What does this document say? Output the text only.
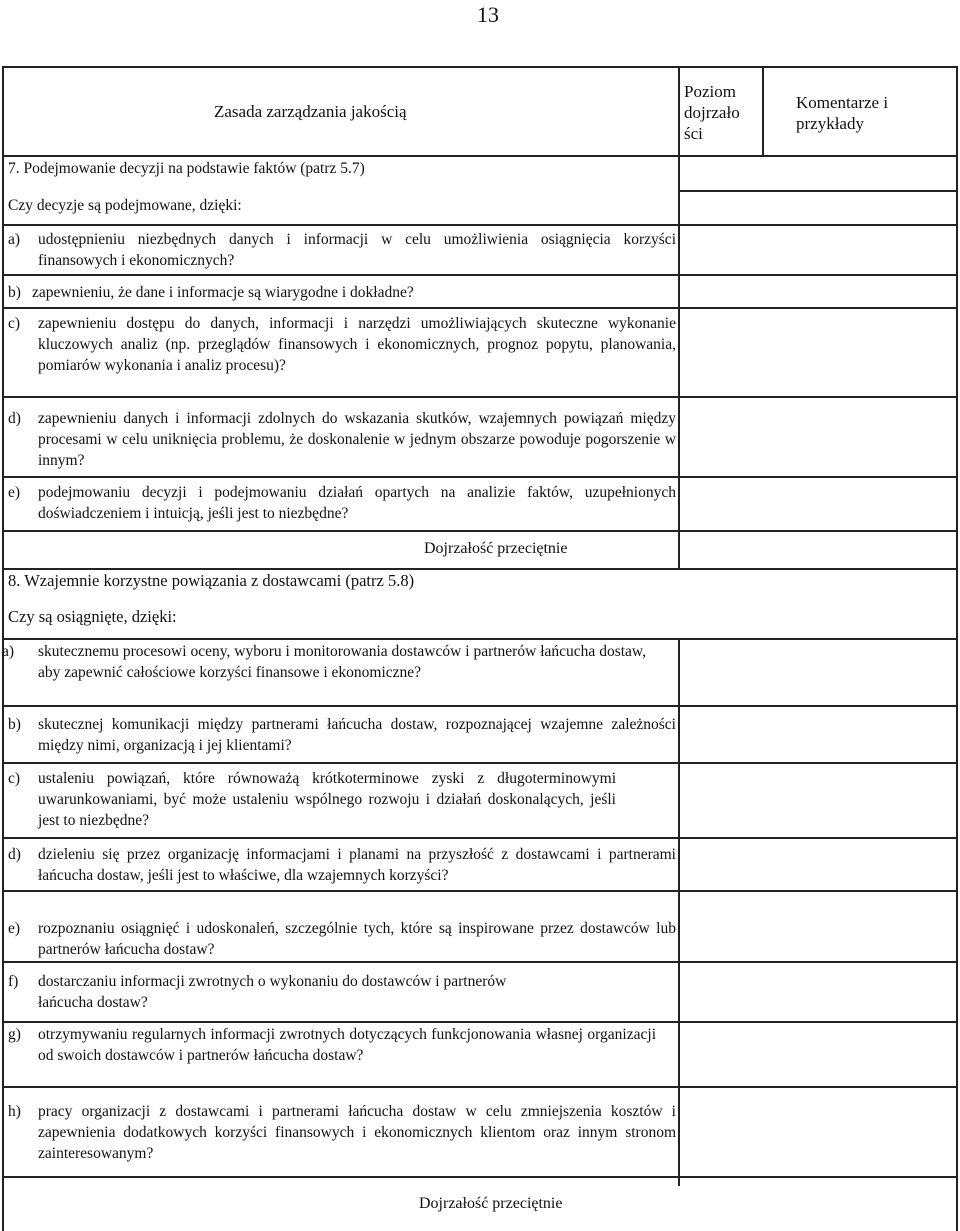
13
Zasada zarządzania jakością
Poziom dojrzało ści
Komentarze i przykłady
7. Podejmowanie decyzji na podstawie faktów (patrz 5.7)
Czy decyzje są podejmowane, dzięki:
a) udostępnieniu niezbędnych danych i informacji w celu umożliwienia osiągnięcia korzyści finansowych i ekonomicznych?
b) zapewnieniu, że dane i informacje są wiarygodne i dokładne?
c) zapewnieniu dostępu do danych, informacji i narzędzi umożliwiających skuteczne wykonanie kluczowych analiz (np. przeglądów finansowych i ekonomicznych, prognoz popytu, planowania, pomiarów wykonania i analiz procesu)?
d) zapewnieniu danych i informacji zdolnych do wskazania skutków, wzajemnych powiązań między procesami w celu uniknięcia problemu, że doskonalenie w jednym obszarze powoduje pogorszenie w innym?
e) podejmowaniu decyzji i podejmowaniu działań opartych na analizie faktów, uzupełnionych doświadczeniem i intuicją, jeśli jest to niezbędne?
Dojrzałość przeciętnie
8. Wzajemnie korzystne powiązania z dostawcami (patrz 5.8)
Czy są osiągnięte, dzięki:
a) skutecznemu procesowi oceny, wyboru i monitorowania dostawców i partnerów łańcucha dostaw, aby zapewnić całościowe korzyści finansowe i ekonomiczne?
b) skutecznej komunikacji między partnerami łańcucha dostaw, rozpoznającej wzajemne zależności między nimi, organizacją i jej klientami?
c) ustaleniu powiązań, które równoważą krótkoterminowe zyski z długoterminowymi uwarunkowaniami, być może ustaleniu wspólnego rozwoju i działań doskonalących, jeśli jest to niezbędne?
d) dzieleniu się przez organizację informacjami i planami na przyszłość z dostawcami i partnerami łańcucha dostaw, jeśli jest to właściwe, dla wzajemnych korzyści?
e) rozpoznaniu osiągnięć i udoskonaleń, szczególnie tych, które są inspirowane przez dostawców lub partnerów łańcucha dostaw?
f) dostarczaniu informacji zwrotnych o wykonaniu do dostawców i partnerów łańcucha dostaw?
g) otrzymywaniu regularnych informacji zwrotnych dotyczących funkcjonowania własnej organizacji od swoich dostawców i partnerów łańcucha dostaw?
h) pracy organizacji z dostawcami i partnerami łańcucha dostaw w celu zmniejszenia kosztów i zapewnienia dodatkowych korzyści finansowych i ekonomicznych klientom oraz innym stronom zainteresowanym?
Dojrzałość przeciętnie
